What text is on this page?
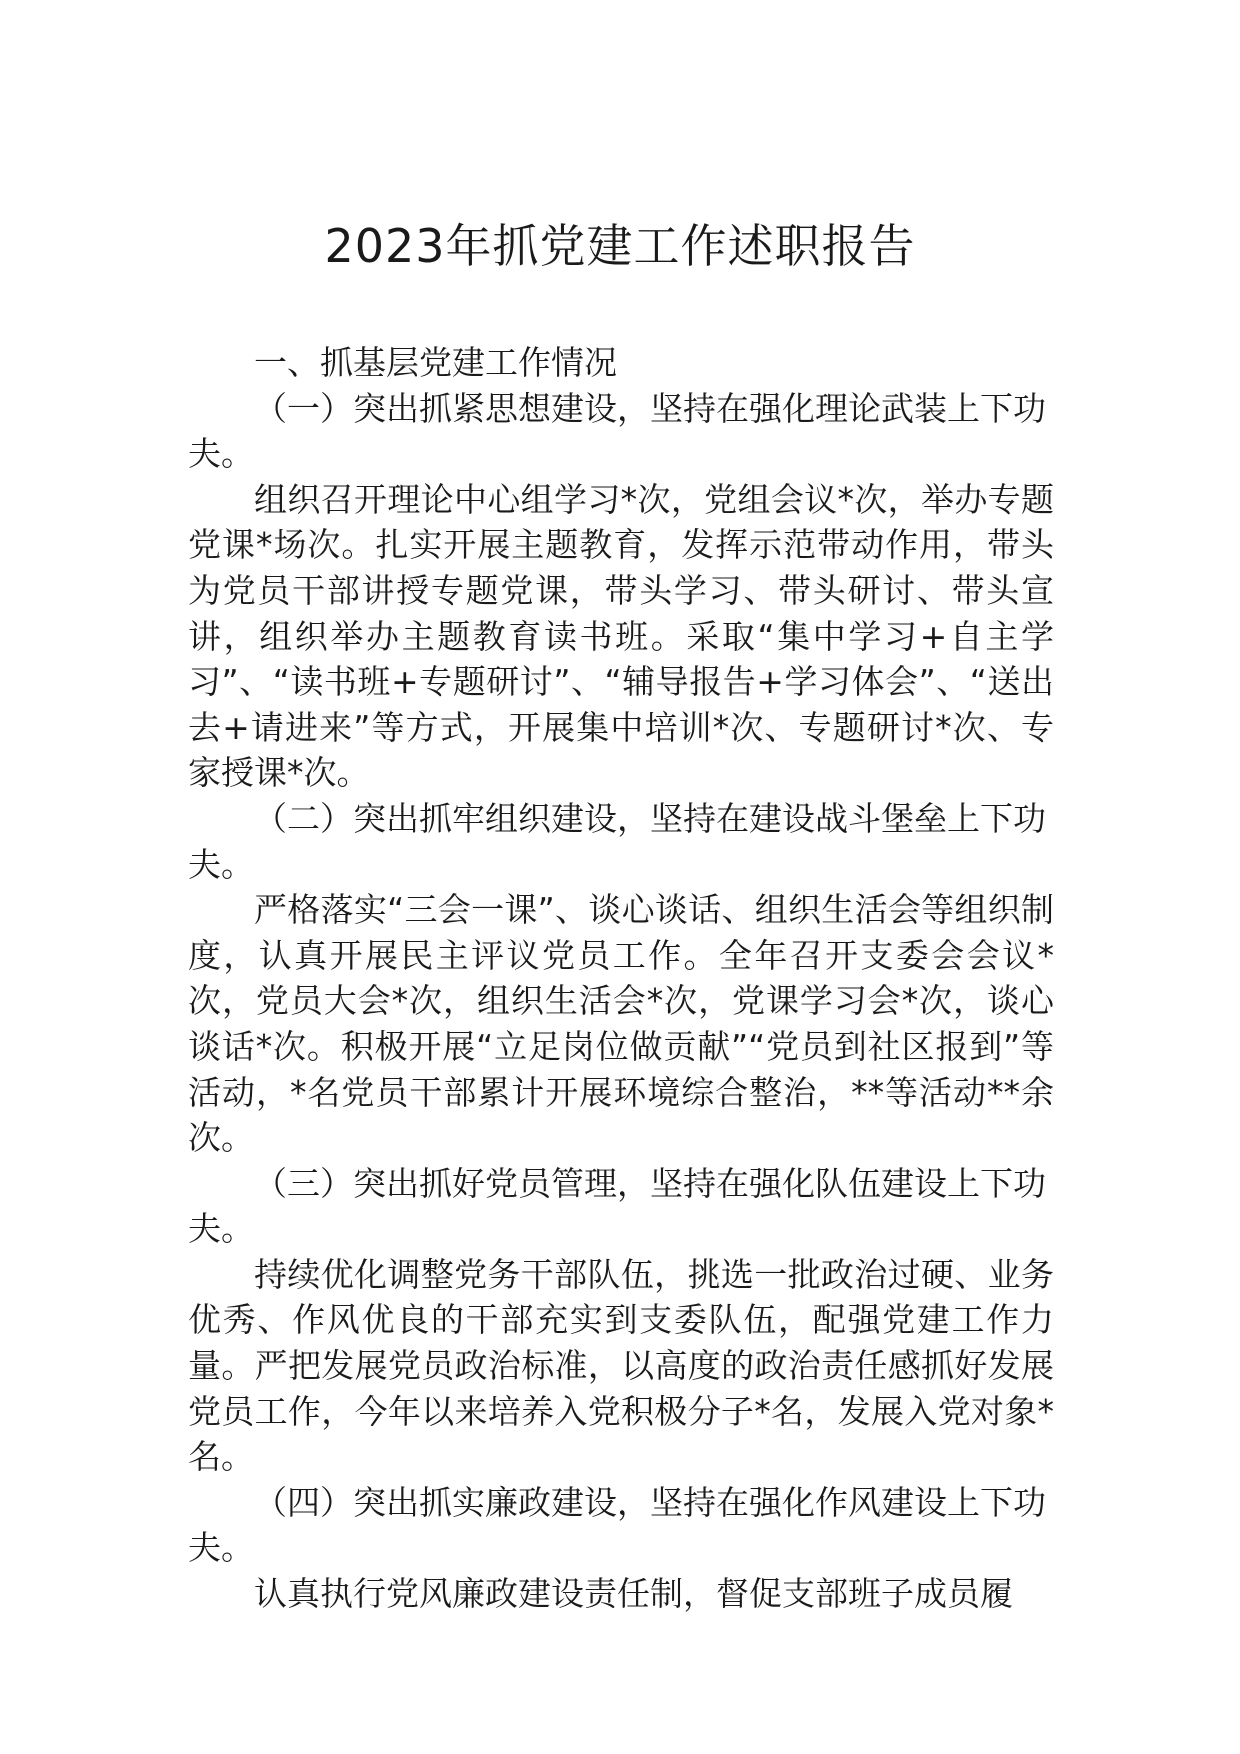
2023年抓党建工作述职报告

一、抓基层党建工作情况

（一）突出抓紧思想建设，坚持在强化理论武装上下功夫。

组织召开理论中心组学习*次，党组会议*次，举办专题党课*场次。扎实开展主题教育，发挥示范带动作用，带头为党员干部讲授专题党课，带头学习、带头研讨、带头宣讲，组织举办主题教育读书班。采取“集中学习+自主学习”、“读书班+专题研讨”、“辅导报告+学习体会”、“送出去+请进来”等方式，开展集中培训*次、专题研讨*次、专家授课*次。

（二）突出抓牢组织建设，坚持在建设战斗堡垒上下功夫。

严格落实“三会一课”、谈心谈话、组织生活会等组织制度，认真开展民主评议党员工作。全年召开支委会会议*次，党员大会*次，组织生活会*次，党课学习会*次，谈心谈话*次。积极开展“立足岗位做贡献”“党员到社区报到”等活动，*名党员干部累计开展环境综合整治，**等活动**余次。

（三）突出抓好党员管理，坚持在强化队伍建设上下功夫。

持续优化调整党务干部队伍，挑选一批政治过硬、业务优秀、作风优良的干部充实到支委队伍，配强党建工作力量。严把发展党员政治标准，以高度的政治责任感抓好发展党员工作，今年以来培养入党积极分子*名，发展入党对象*名。

（四）突出抓实廉政建设，坚持在强化作风建设上下功夫。

认真执行党风廉政建设责任制，督促支部班子成员履
